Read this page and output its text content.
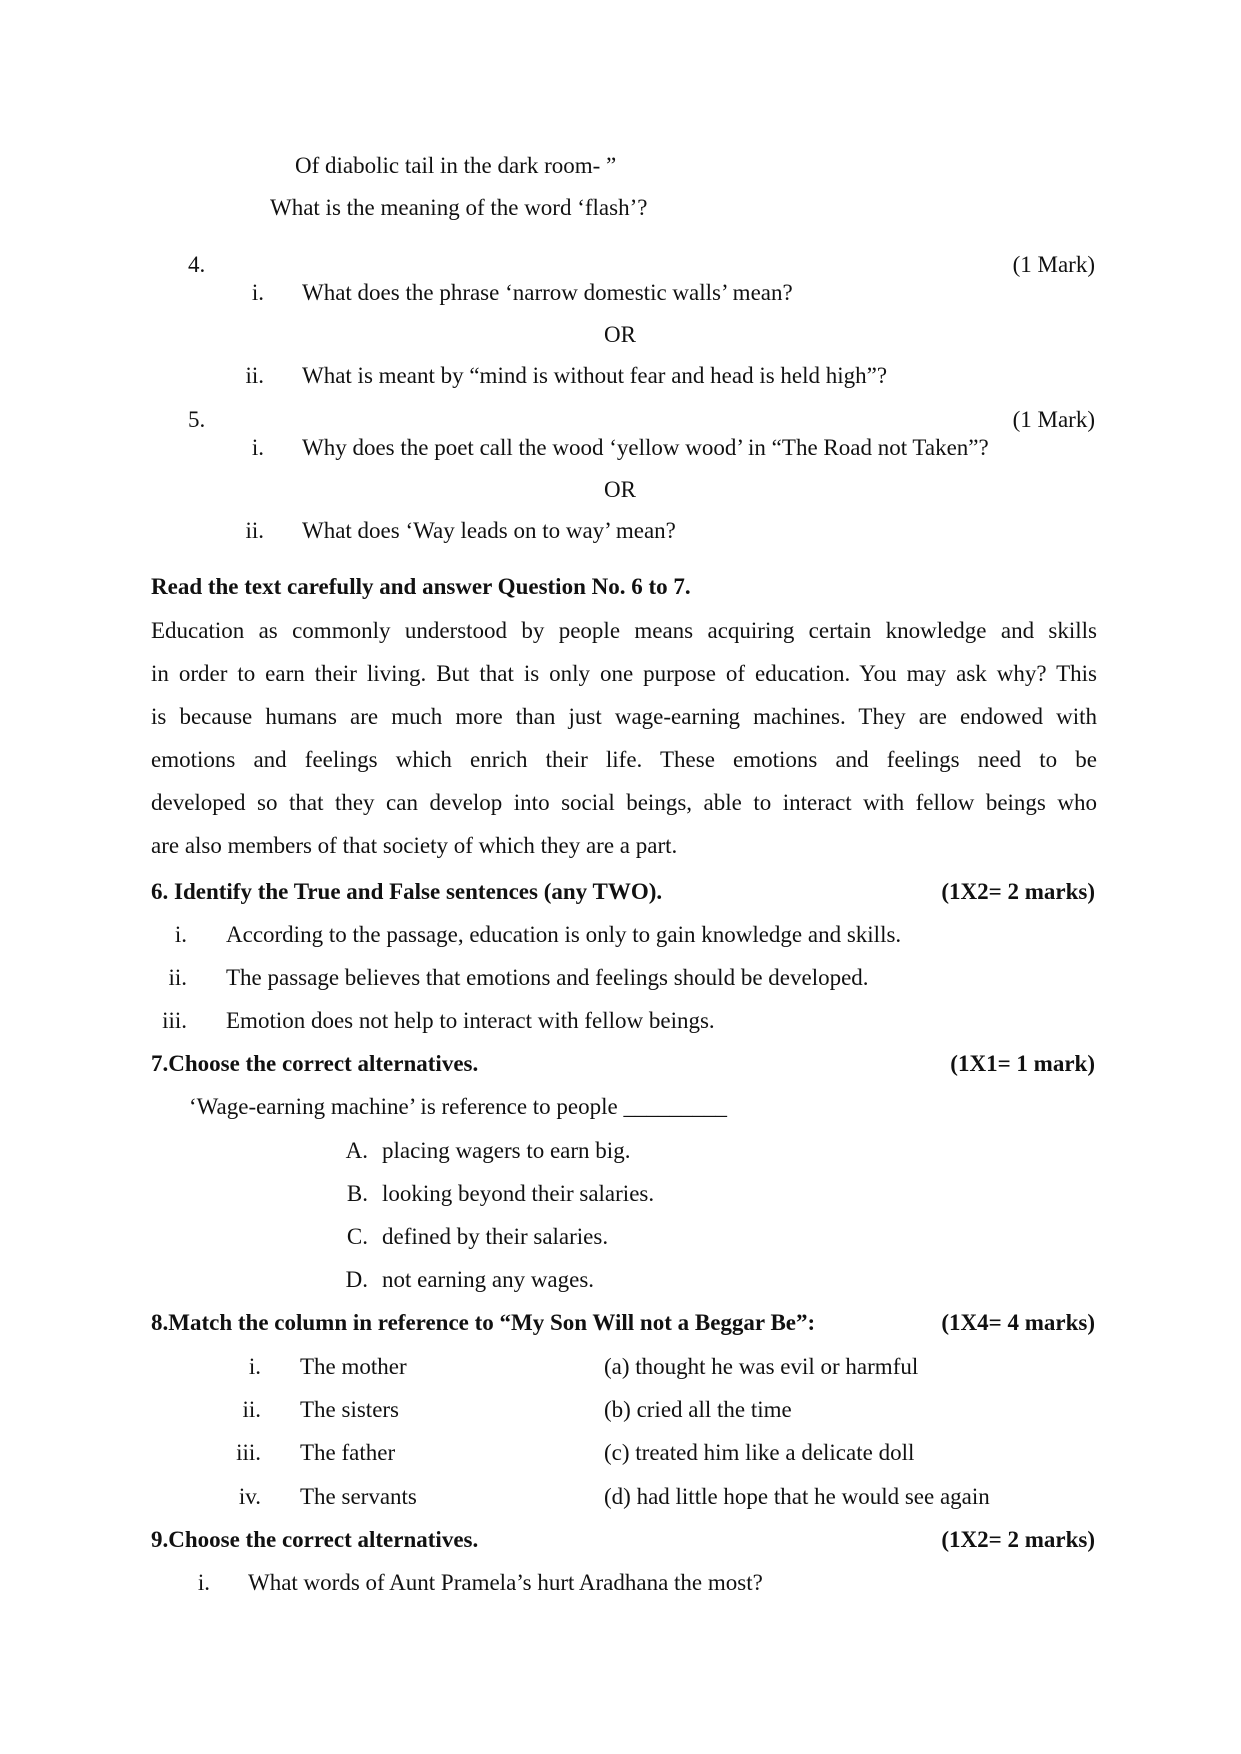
Of diabolic tail in the dark room- ”
What is the meaning of the word ‘flash’?
4.	(1 Mark)
i. What does the phrase ‘narrow domestic walls’ mean?
OR
ii. What is meant by “mind is without fear and head is held high”?
5.	(1 Mark)
i. Why does the poet call the wood ‘yellow wood’ in “The Road not Taken”?
OR
ii. What does ‘Way leads on to way’ mean?
Read the text carefully and answer Question No. 6 to 7.
Education as commonly understood by people means acquiring certain knowledge and skills
in order to earn their living. But that is only one purpose of education. You may ask why? This
is because humans are much more than just wage-earning machines. They are endowed with
emotions and feelings which enrich their life. These emotions and feelings need to be
developed so that they can develop into social beings, able to interact with fellow beings who
are also members of that society of which they are a part.
6. Identify the True and False sentences (any TWO).	(1X2= 2 marks)
i. According to the passage, education is only to gain knowledge and skills.
ii. The passage believes that emotions and feelings should be developed.
iii. Emotion does not help to interact with fellow beings.
7.Choose the correct alternatives.	(1X1= 1 mark)
‘Wage-earning machine’ is reference to people _________
A. placing wagers to earn big.
B. looking beyond their salaries.
C. defined by their salaries.
D. not earning any wages.
8.Match the column in reference to “My Son Will not a Beggar Be”:	(1X4= 4 marks)
i. The mother	(a) thought he was evil or harmful
ii. The sisters	(b) cried all the time
iii. The father	(c) treated him like a delicate doll
iv. The servants	(d) had little hope that he would see again
9.Choose the correct alternatives.	(1X2= 2 marks)
i. What words of Aunt Pramela’s hurt Aradhana the most?
